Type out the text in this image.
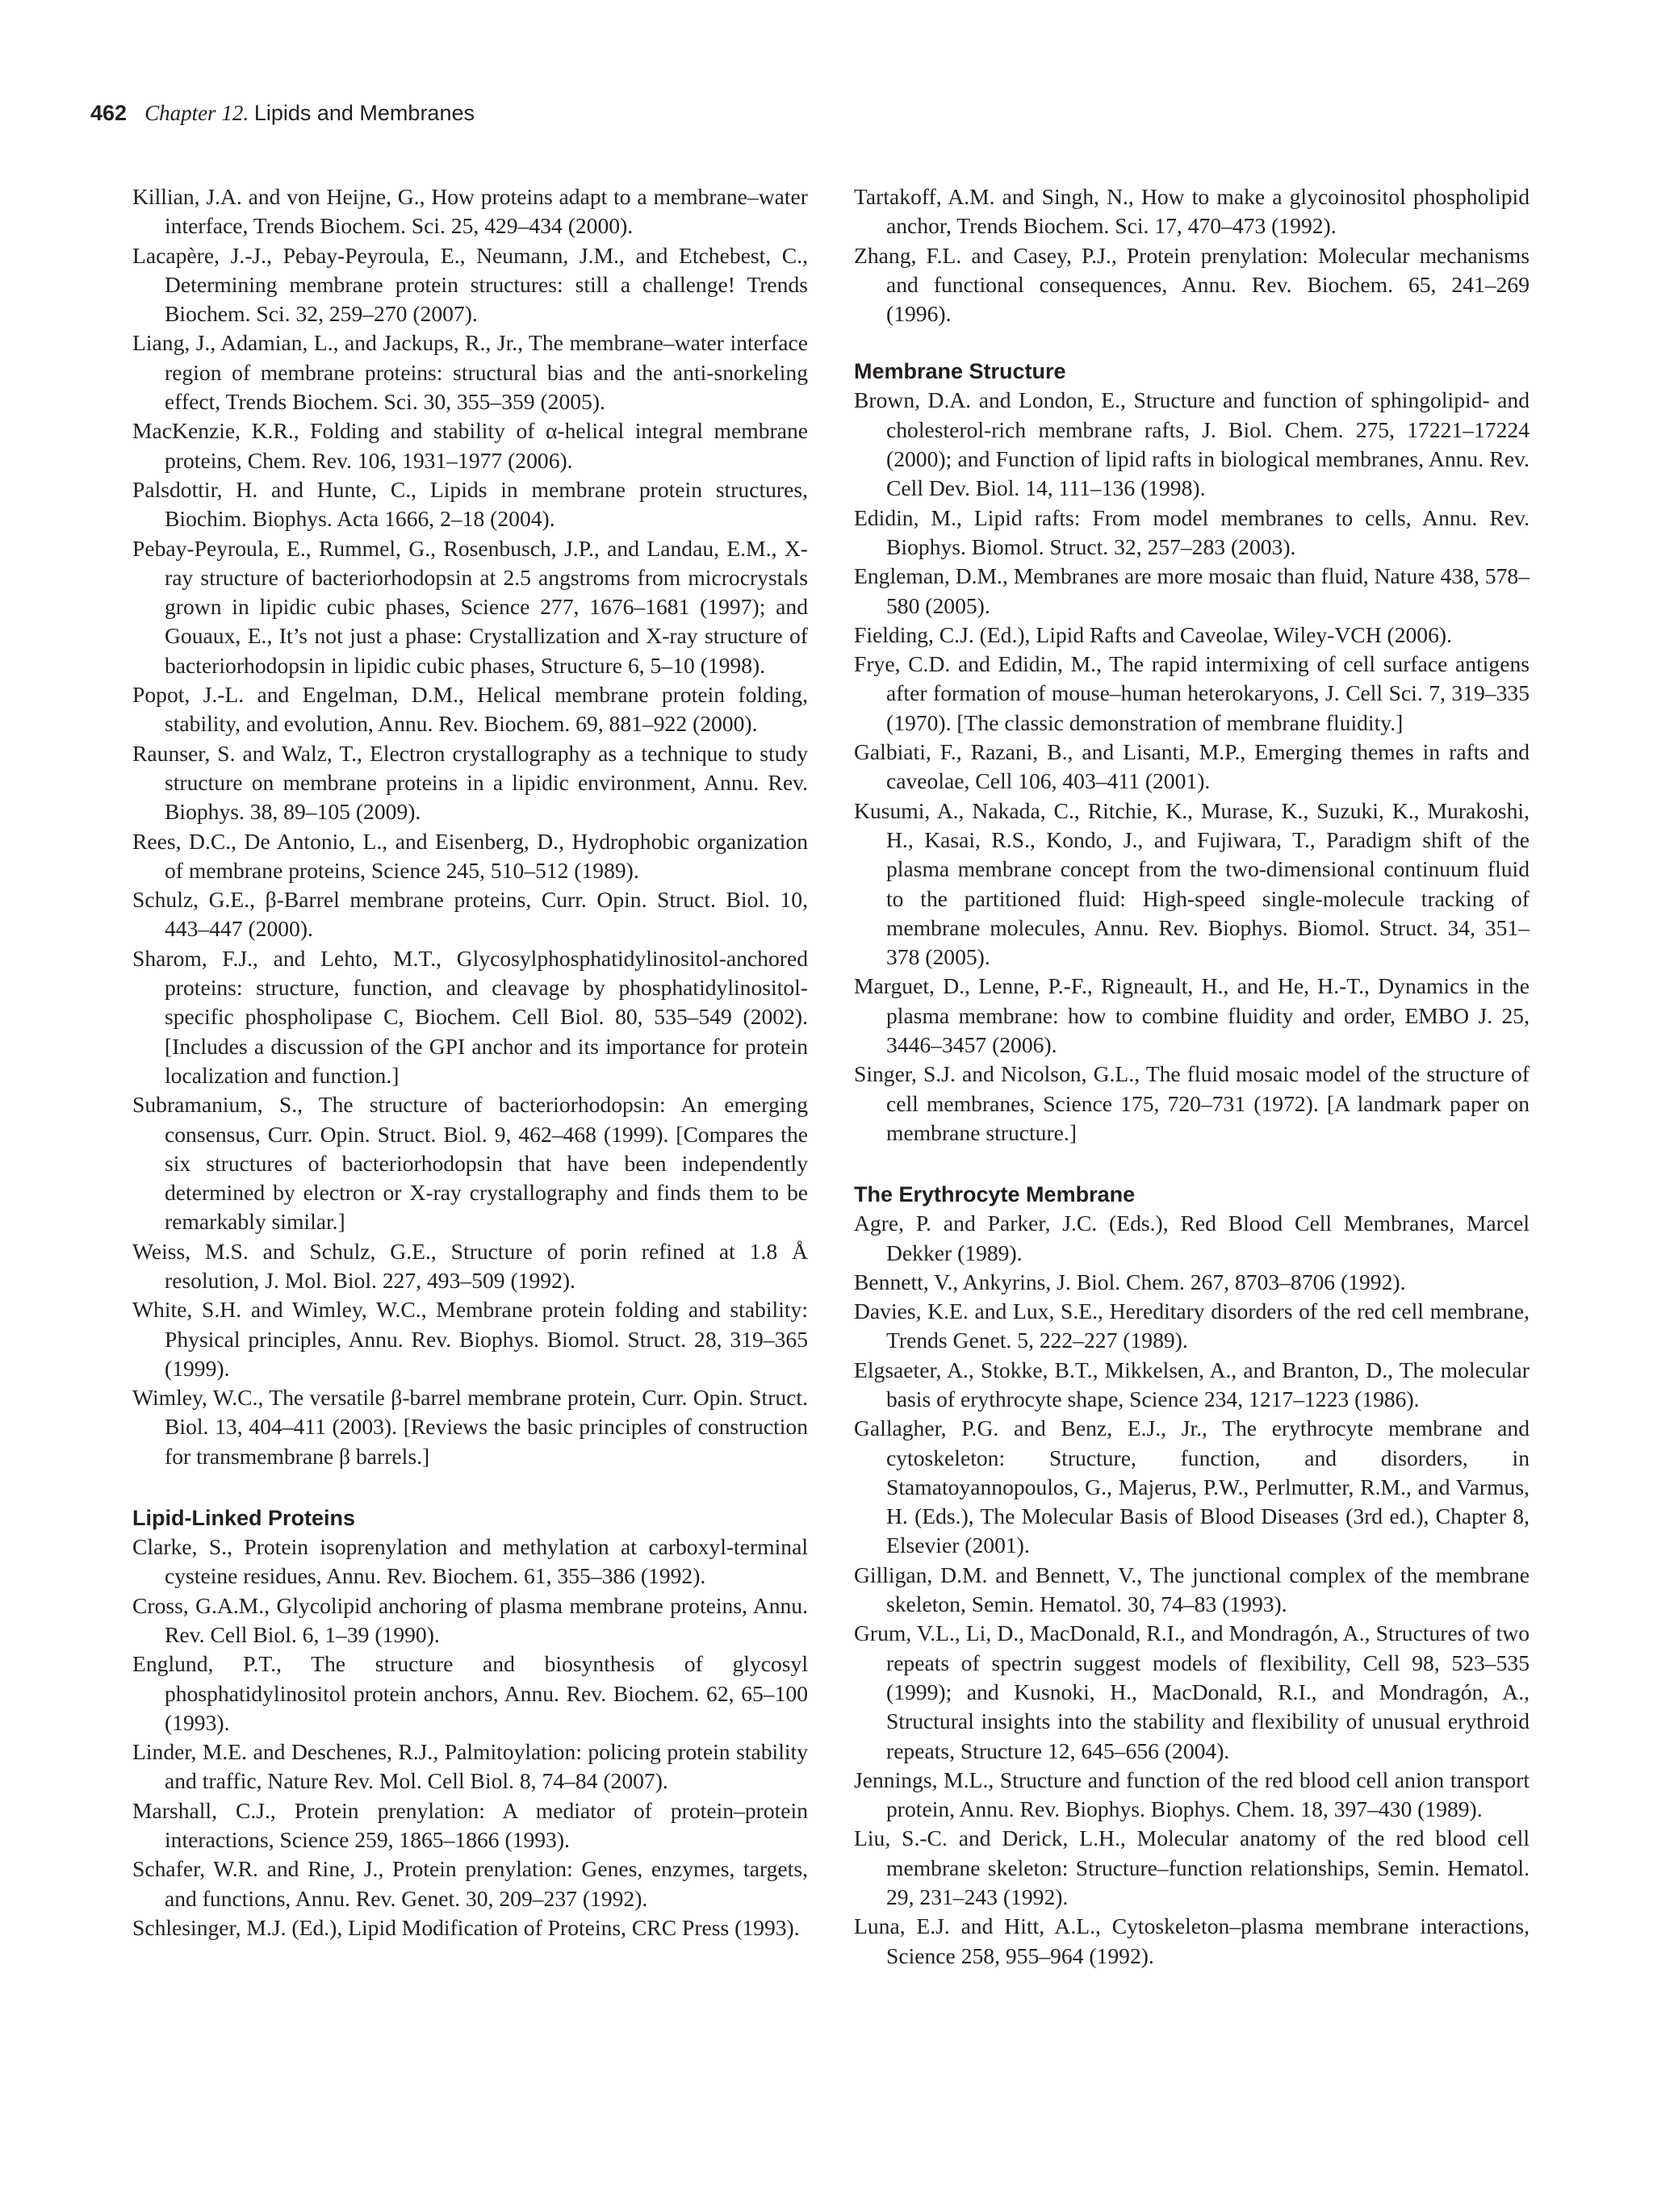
462 Chapter 12. Lipids and Membranes

Killian, J.A. and von Heijne, G., How proteins adapt to a membrane–water interface, Trends Biochem. Sci. 25, 429–434 (2000).

Lacapère, J.-J., Pebay-Peyroula, E., Neumann, J.M., and Etchebest, C., Determining membrane protein structures: still a challenge! Trends Biochem. Sci. 32, 259–270 (2007).

Liang, J., Adamian, L., and Jackups, R., Jr., The membrane–water interface region of membrane proteins: structural bias and the anti-snorkeling effect, Trends Biochem. Sci. 30, 355–359 (2005).

MacKenzie, K.R., Folding and stability of α-helical integral membrane proteins, Chem. Rev. 106, 1931–1977 (2006).

Palsdottir, H. and Hunte, C., Lipids in membrane protein structures, Biochim. Biophys. Acta 1666, 2–18 (2004).

Pebay-Peyroula, E., Rummel, G., Rosenbusch, J.P., and Landau, E.M., X-ray structure of bacteriorhodopsin at 2.5 angstroms from microcrystals grown in lipidic cubic phases, Science 277, 1676–1681 (1997); and Gouaux, E., It’s not just a phase: Crystallization and X-ray structure of bacteriorhodopsin in lipidic cubic phases, Structure 6, 5–10 (1998).

Popot, J.-L. and Engelman, D.M., Helical membrane protein folding, stability, and evolution, Annu. Rev. Biochem. 69, 881–922 (2000).

Raunser, S. and Walz, T., Electron crystallography as a technique to study structure on membrane proteins in a lipidic environment, Annu. Rev. Biophys. 38, 89–105 (2009).

Rees, D.C., De Antonio, L., and Eisenberg, D., Hydrophobic organization of membrane proteins, Science 245, 510–512 (1989).

Schulz, G.E., β-Barrel membrane proteins, Curr. Opin. Struct. Biol. 10, 443–447 (2000).

Sharom, F.J., and Lehto, M.T., Glycosylphosphatidylinositol-anchored proteins: structure, function, and cleavage by phosphatidylinositol-specific phospholipase C, Biochem. Cell Biol. 80, 535–549 (2002). [Includes a discussion of the GPI anchor and its importance for protein localization and function.]

Subramanium, S., The structure of bacteriorhodopsin: An emerging consensus, Curr. Opin. Struct. Biol. 9, 462–468 (1999). [Compares the six structures of bacteriorhodopsin that have been independently determined by electron or X-ray crystallography and finds them to be remarkably similar.]

Weiss, M.S. and Schulz, G.E., Structure of porin refined at 1.8 Å resolution, J. Mol. Biol. 227, 493–509 (1992).

White, S.H. and Wimley, W.C., Membrane protein folding and stability: Physical principles, Annu. Rev. Biophys. Biomol. Struct. 28, 319–365 (1999).

Wimley, W.C., The versatile β-barrel membrane protein, Curr. Opin. Struct. Biol. 13, 404–411 (2003). [Reviews the basic principles of construction for transmembrane β barrels.]

Lipid-Linked Proteins

Clarke, S., Protein isoprenylation and methylation at carboxyl-terminal cysteine residues, Annu. Rev. Biochem. 61, 355–386 (1992).

Cross, G.A.M., Glycolipid anchoring of plasma membrane proteins, Annu. Rev. Cell Biol. 6, 1–39 (1990).

Englund, P.T., The structure and biosynthesis of glycosyl phosphatidylinositol protein anchors, Annu. Rev. Biochem. 62, 65–100 (1993).

Linder, M.E. and Deschenes, R.J., Palmitoylation: policing protein stability and traffic, Nature Rev. Mol. Cell Biol. 8, 74–84 (2007).

Marshall, C.J., Protein prenylation: A mediator of protein–protein interactions, Science 259, 1865–1866 (1993).

Schafer, W.R. and Rine, J., Protein prenylation: Genes, enzymes, targets, and functions, Annu. Rev. Genet. 30, 209–237 (1992).

Schlesinger, M.J. (Ed.), Lipid Modification of Proteins, CRC Press (1993).

Tartakoff, A.M. and Singh, N., How to make a glycoinositol phospholipid anchor, Trends Biochem. Sci. 17, 470–473 (1992).

Zhang, F.L. and Casey, P.J., Protein prenylation: Molecular mechanisms and functional consequences, Annu. Rev. Biochem. 65, 241–269 (1996).

Membrane Structure

Brown, D.A. and London, E., Structure and function of sphingolipid- and cholesterol-rich membrane rafts, J. Biol. Chem. 275, 17221–17224 (2000); and Function of lipid rafts in biological membranes, Annu. Rev. Cell Dev. Biol. 14, 111–136 (1998).

Edidin, M., Lipid rafts: From model membranes to cells, Annu. Rev. Biophys. Biomol. Struct. 32, 257–283 (2003).

Engleman, D.M., Membranes are more mosaic than fluid, Nature 438, 578–580 (2005).

Fielding, C.J. (Ed.), Lipid Rafts and Caveolae, Wiley-VCH (2006).

Frye, C.D. and Edidin, M., The rapid intermixing of cell surface antigens after formation of mouse–human heterokaryons, J. Cell Sci. 7, 319–335 (1970). [The classic demonstration of membrane fluidity.]

Galbiati, F., Razani, B., and Lisanti, M.P., Emerging themes in rafts and caveolae, Cell 106, 403–411 (2001).

Kusumi, A., Nakada, C., Ritchie, K., Murase, K., Suzuki, K., Murakoshi, H., Kasai, R.S., Kondo, J., and Fujiwara, T., Paradigm shift of the plasma membrane concept from the two-dimensional continuum fluid to the partitioned fluid: High-speed single-molecule tracking of membrane molecules, Annu. Rev. Biophys. Biomol. Struct. 34, 351–378 (2005).

Marguet, D., Lenne, P.-F., Rigneault, H., and He, H.-T., Dynamics in the plasma membrane: how to combine fluidity and order, EMBO J. 25, 3446–3457 (2006).

Singer, S.J. and Nicolson, G.L., The fluid mosaic model of the structure of cell membranes, Science 175, 720–731 (1972). [A landmark paper on membrane structure.]

The Erythrocyte Membrane

Agre, P. and Parker, J.C. (Eds.), Red Blood Cell Membranes, Marcel Dekker (1989).

Bennett, V., Ankyrins, J. Biol. Chem. 267, 8703–8706 (1992).

Davies, K.E. and Lux, S.E., Hereditary disorders of the red cell membrane, Trends Genet. 5, 222–227 (1989).

Elgsaeter, A., Stokke, B.T., Mikkelsen, A., and Branton, D., The molecular basis of erythrocyte shape, Science 234, 1217–1223 (1986).

Gallagher, P.G. and Benz, E.J., Jr., The erythrocyte membrane and cytoskeleton: Structure, function, and disorders, in Stamatoyannopoulos, G., Majerus, P.W., Perlmutter, R.M., and Varmus, H. (Eds.), The Molecular Basis of Blood Diseases (3rd ed.), Chapter 8, Elsevier (2001).

Gilligan, D.M. and Bennett, V., The junctional complex of the membrane skeleton, Semin. Hematol. 30, 74–83 (1993).

Grum, V.L., Li, D., MacDonald, R.I., and Mondragón, A., Structures of two repeats of spectrin suggest models of flexibility, Cell 98, 523–535 (1999); and Kusnoki, H., MacDonald, R.I., and Mondragón, A., Structural insights into the stability and flexibility of unusual erythroid repeats, Structure 12, 645–656 (2004).

Jennings, M.L., Structure and function of the red blood cell anion transport protein, Annu. Rev. Biophys. Biophys. Chem. 18, 397–430 (1989).

Liu, S.-C. and Derick, L.H., Molecular anatomy of the red blood cell membrane skeleton: Structure–function relationships, Semin. Hematol. 29, 231–243 (1992).

Luna, E.J. and Hitt, A.L., Cytoskeleton–plasma membrane interactions, Science 258, 955–964 (1992).
